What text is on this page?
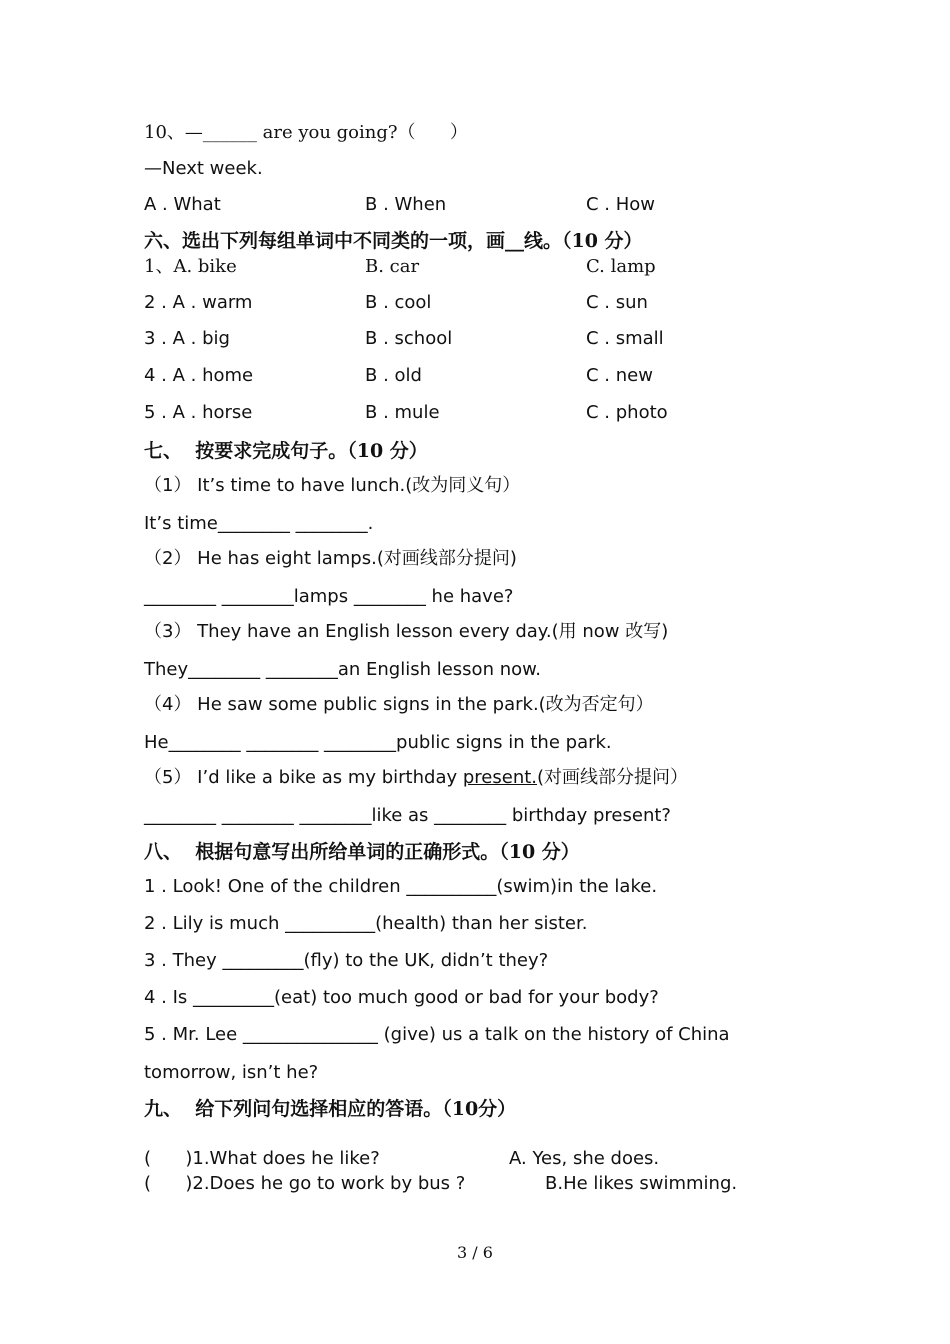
10、—______ are you going?（      ）
—Next week.
A . What	B . When	C . How
六、选出下列每组单词中不同类的一项，画__线。（10 分）
1、A. bike	B. car	C. lamp
2 . A . warm	B . cool	C . sun
3 . A . big	B . school	C . small
4 . A . home	B . old	C . new
5 . A . horse	B . mule	C . photo
七、  按要求完成句子。（10 分）
（1） It’s time to have lunch.(改为同义句）
It’s time________ ________.
（2） He has eight lamps.(对画线部分提问)
________ ________lamps ________ he have?
（3） They have an English lesson every day.(用 now 改写)
They________ ________an English lesson now.
（4） He saw some public signs in the park.(改为否定句）
He________ ________ ________public signs in the park.
（5） I’d like a bike as my birthday present.(对画线部分提问）
________ ________ ________like as ________ birthday present?
八、  根据句意写出所给单词的正确形式。（10 分）
1 . Look! One of the children __________(swim)in the lake.
2 . Lily is much __________(health) than her sister.
3 . They _________(fly) to the UK, didn’t they?
4 . Is _________(eat) too much good or bad for your body?
5 . Mr. Lee _______________ (give) us a talk on the history of China
tomorrow, isn’t he?
九、  给下列问句选择相应的答语。（10分）
(      )1.What does he like?	A. Yes, she does.
(      )2.Does he go to work by bus ?	B.He likes swimming.
3 / 6
